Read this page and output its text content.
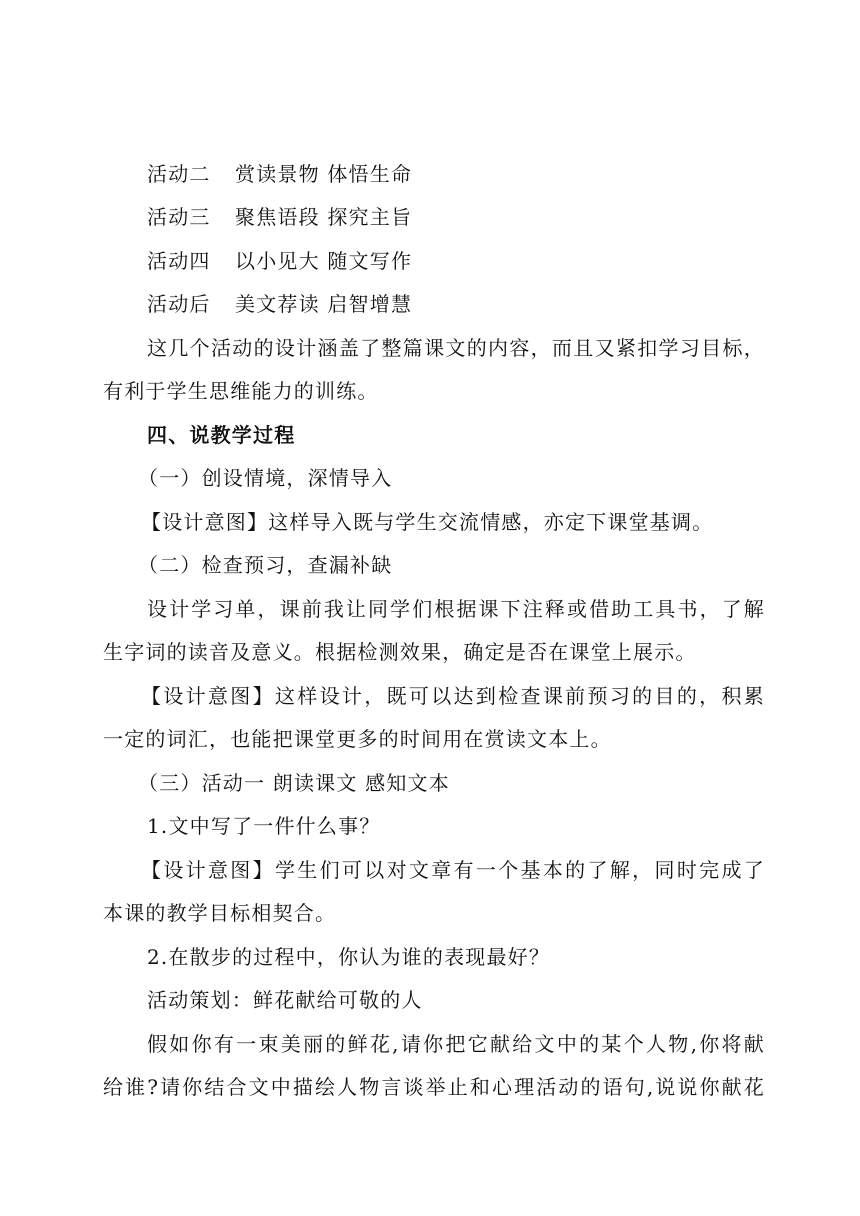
活动二 赏读景物 体悟生命
活动三 聚焦语段 探究主旨
活动四 以小见大 随文写作
活动后 美文荐读 启智增慧
这几个活动的设计涵盖了整篇课文的内容，而且又紧扣学习目标，
有利于学生思维能力的训练。
四、说教学过程
（一）创设情境，深情导入
【设计意图】这样导入既与学生交流情感，亦定下课堂基调。
（二）检查预习，查漏补缺
设计学习单，课前我让同学们根据课下注释或借助工具书，了解
生字词的读音及意义。根据检测效果，确定是否在课堂上展示。
【设计意图】这样设计，既可以达到检查课前预习的目的，积累
一定的词汇，也能把课堂更多的时间用在赏读文本上。
（三）活动一 朗读课文 感知文本
1.文中写了一件什么事？
【设计意图】学生们可以对文章有一个基本的了解，同时完成了
本课的教学目标相契合。
2.在散步的过程中，你认为谁的表现最好？
活动策划：鲜花献给可敬的人
假如你有一束美丽的鲜花,请你把它献给文中的某个人物,你将献
给谁?请你结合文中描绘人物言谈举止和心理活动的语句,说说你献花
